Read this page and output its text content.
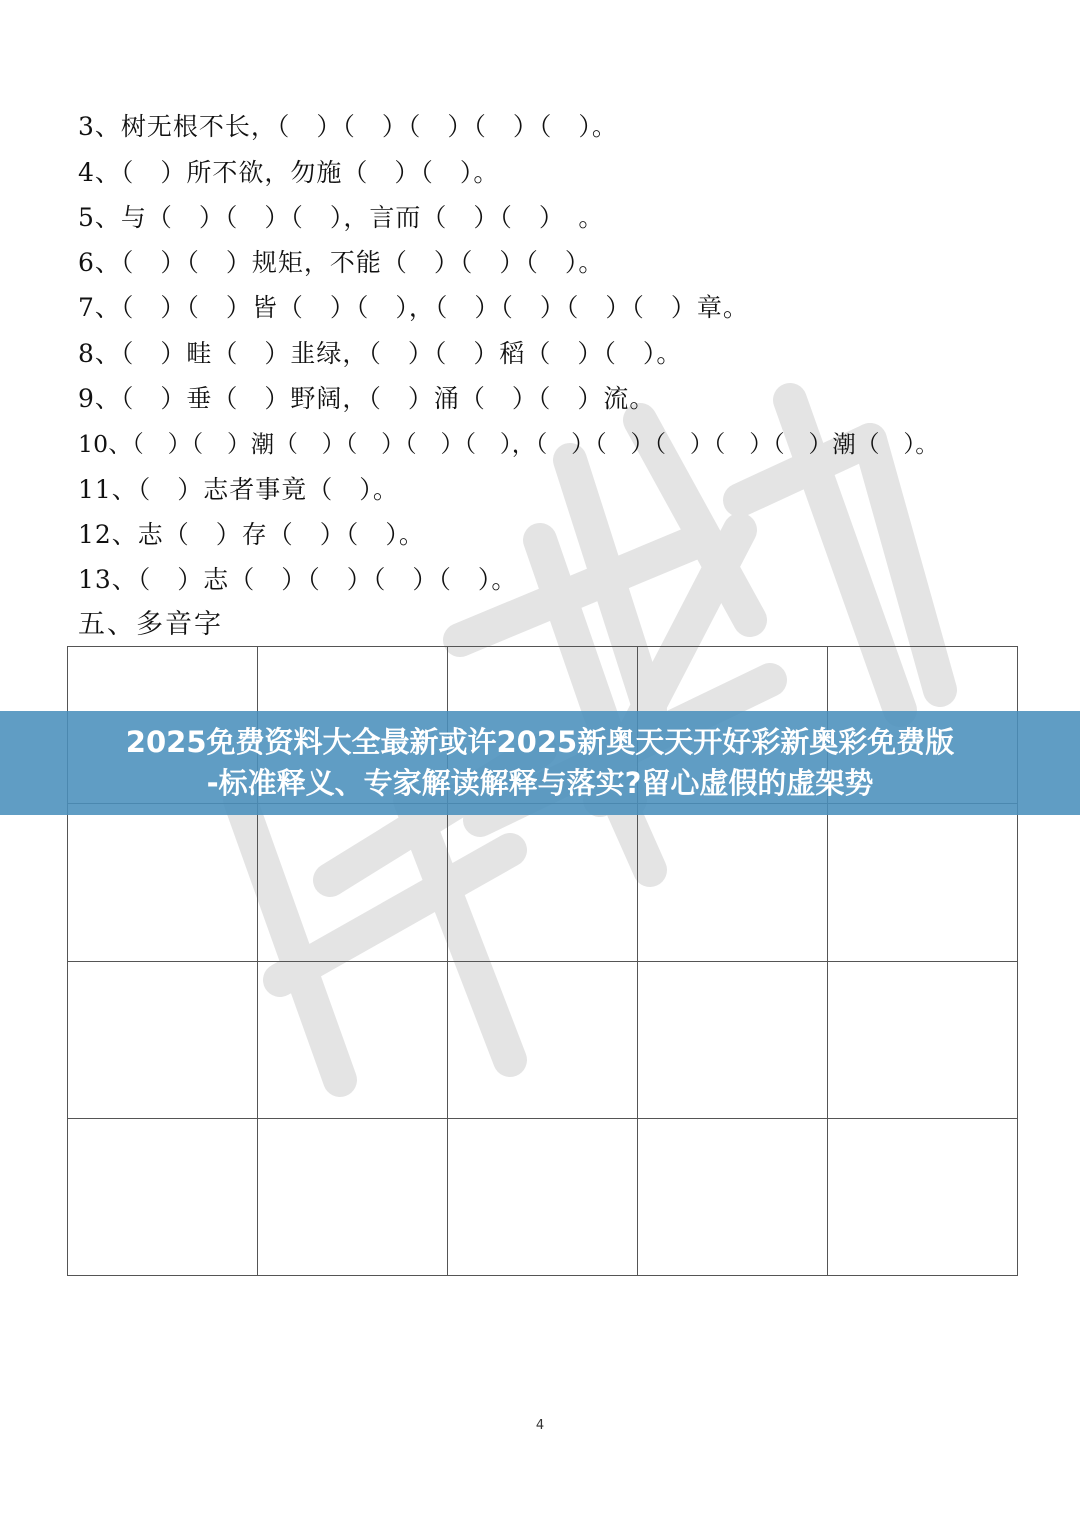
3、树无根不长，（　）（　）（　）（　）（　）。
4、（　）所不欲，勿施（　）（　）。
5、与（　）（　）（　），言而（　）（　）　。
6、（　）（　）规矩，不能（　）（　）（　）。
7、（　）（　）皆（　）（　），（　）（　）（　）（　）章。
8、（　）畦（　）韭绿，（　）（　）稻（　）（　）。
9、（　）垂（　）野阔，（　）涌（　）（　）流。
10、（　）（　）潮（　）（　）（　）（　），（　）（　）（　）（　）（　）潮（　）。
11、（　）志者事竟（　）。
12、志（　）存（　）（　）。
13、（　）志（　）（　）（　）（　）。
五、多音字

2025免费资料大全最新或许2025新奥天天开好彩新奥彩免费版
-标准释义、专家解读解释与落实?留心虚假的虚架势
4
